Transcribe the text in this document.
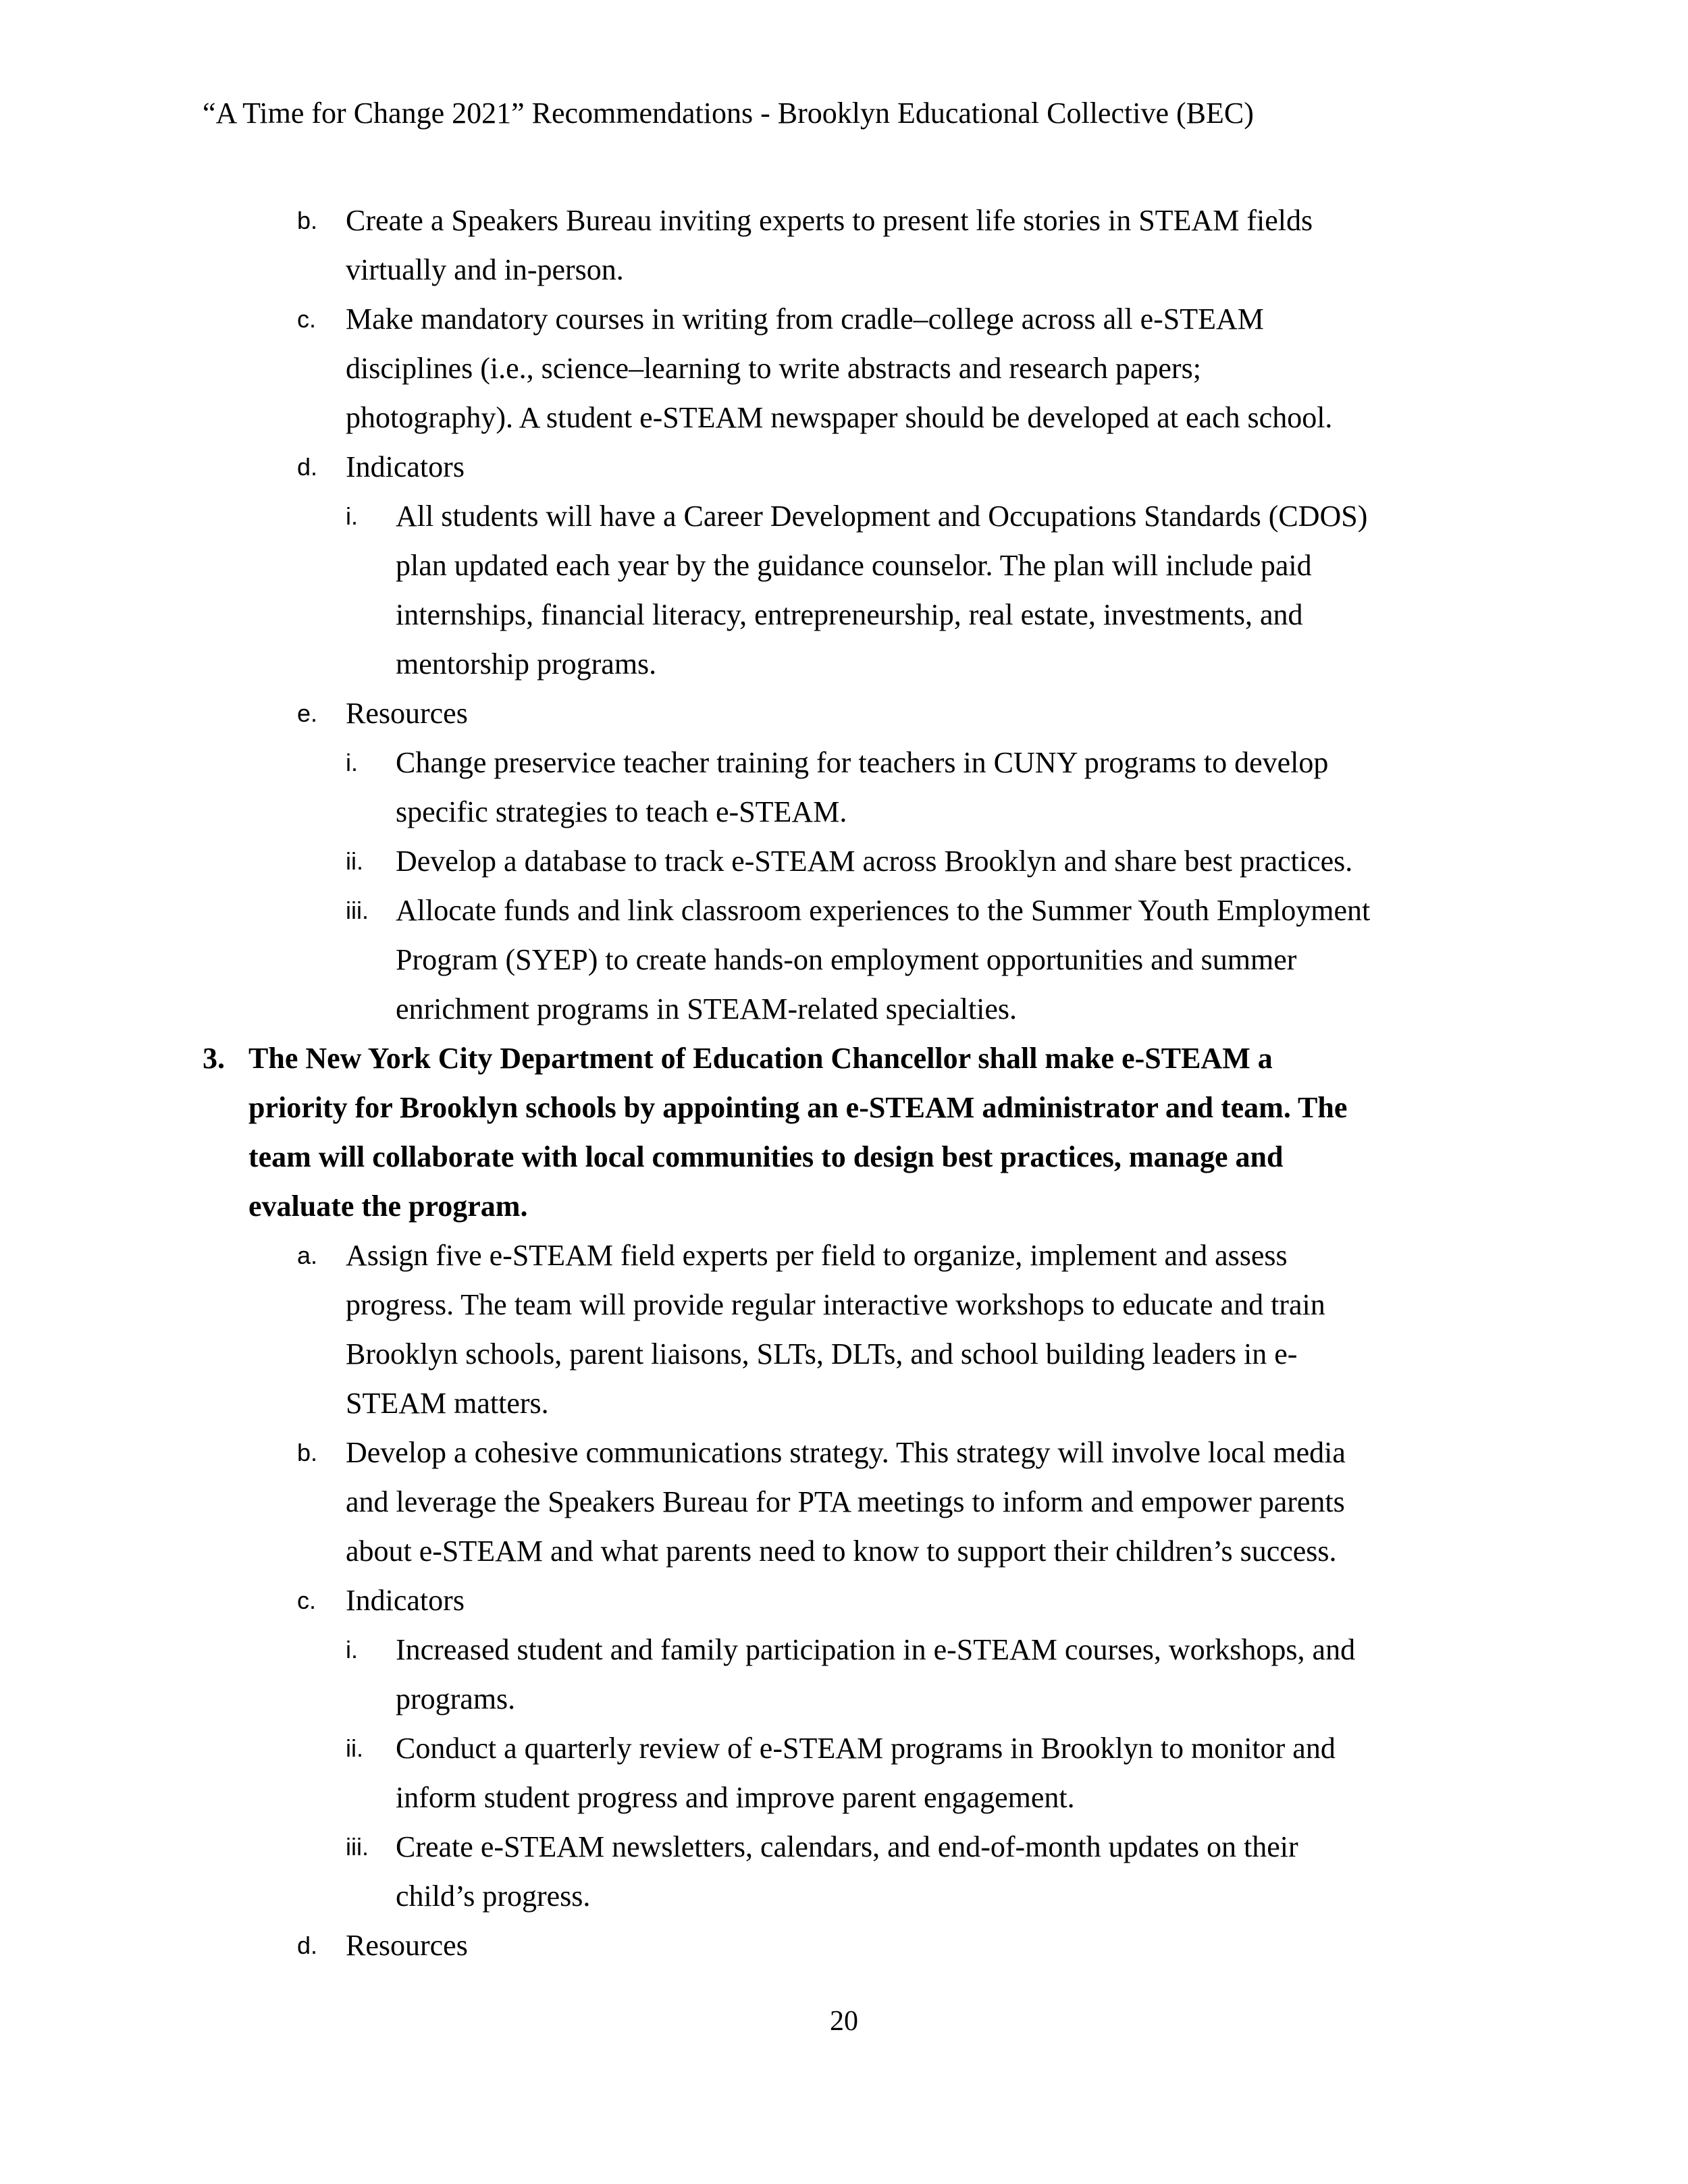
“A Time for Change 2021” Recommendations - Brooklyn Educational Collective (BEC)
b. Create a Speakers Bureau inviting experts to present life stories in STEAM fields
virtually and in-person.
c. Make mandatory courses in writing from cradle–college across all e-STEAM
disciplines (i.e., science–learning to write abstracts and research papers;
photography). A student e-STEAM newspaper should be developed at each school.
d. Indicators
i. All students will have a Career Development and Occupations Standards (CDOS)
plan updated each year by the guidance counselor. The plan will include paid
internships, financial literacy, entrepreneurship, real estate, investments, and
mentorship programs.
e. Resources
i. Change preservice teacher training for teachers in CUNY programs to develop
specific strategies to teach e-STEAM.
ii. Develop a database to track e-STEAM across Brooklyn and share best practices.
iii. Allocate funds and link classroom experiences to the Summer Youth Employment
Program (SYEP) to create hands-on employment opportunities and summer
enrichment programs in STEAM-related specialties.
3. The New York City Department of Education Chancellor shall make e-STEAM a
priority for Brooklyn schools by appointing an e-STEAM administrator and team. The
team will collaborate with local communities to design best practices, manage and
evaluate the program.
a. Assign five e-STEAM field experts per field to organize, implement and assess
progress. The team will provide regular interactive workshops to educate and train
Brooklyn schools, parent liaisons, SLTs, DLTs, and school building leaders in e-
STEAM matters.
b. Develop a cohesive communications strategy. This strategy will involve local media
and leverage the Speakers Bureau for PTA meetings to inform and empower parents
about e-STEAM and what parents need to know to support their children’s success.
c. Indicators
i. Increased student and family participation in e-STEAM courses, workshops, and
programs.
ii. Conduct a quarterly review of e-STEAM programs in Brooklyn to monitor and
inform student progress and improve parent engagement.
iii. Create e-STEAM newsletters, calendars, and end-of-month updates on their
child’s progress.
d. Resources
20
